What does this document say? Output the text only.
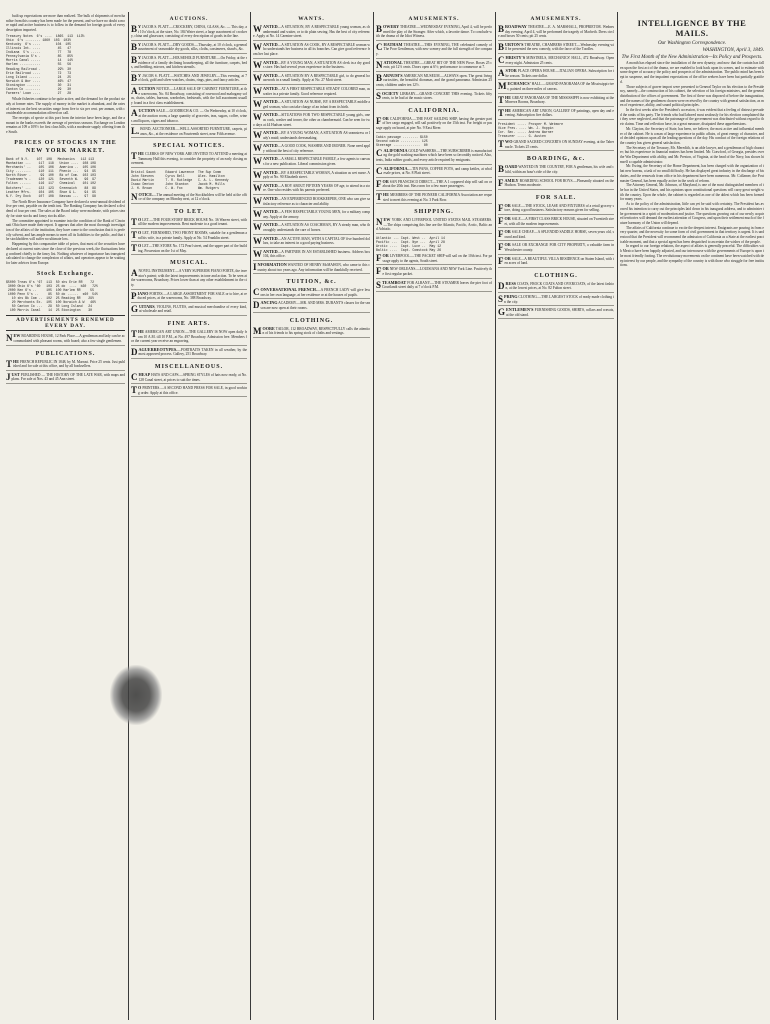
built up expectations are more than realized. The bulk of shipments of merchandise from this country has been made for the present, and we have no doubt a more rapid and active business is to follow in the demand for foreign goods of every description imported.
Treasury Notes  6's ....  1865  113  113½
Ohio  6's ........ 1860  103  103½
Kentucky  6's ....        104  105
Illinois Int. ....         45   47
Indiana  5's .....         77   78
Pennsylvania 5's .         85   85½
Morris Canal .....         14   14½
Harlem ...........         55   56
Reading Railroad .         29½  30
Erie Railroad ....         72   73
Long Island ......         24   25
Norwich & Wor ....         46½  47
Stonington .......         30   31
Canton Co ........         29   30
Farmers' Loan ....         27   28
Whale fisheries continue to be quite active, and the demand for the product steady at former rates. The supply of money in the market is abundant, and the rates of interest on the best securities range from five to six per cent. per annum, with considerable accommodation offered on call.
The receipts of specie at this port from the interior have been large, and the amount in the banks exceeds the average of previous seasons. Exchange on London remains at 109 a 109½ for first class bills, with a moderate supply offering from the South.
PRICES OF STOCKS IN THE NEW YORK MARKET.
Bank of N.Y.    107  108   Mechanics   112 113
Manhattan ...    117  118   Union ....  108 109
Merchants' ..    105  106   America ..  105 106
City ........    110  111   Phenix ...   94  95
North River .     99  100   Bk of Com.  102 103
Tradesmen's .    120  121   Seventh W.   96  97
Fulton ......    116  117   Chemical    101 102
Butchers' ...    122  123   Greenwich    88  89
Leather Mfrs.    104  105   Shoe & L.    94  95
N.Y. Dry Dock    107  108   Nassau ...   97  98
The North River Insurance Company have declared a semi-annual dividend of five per cent, payable on the tenth inst. The Banking Company has declared a dividend of four per cent. The sales at the Board today were moderate, with prices steady for state stocks and fancy stocks alike.
The committee appointed to examine into the condition of the Bank of Cincinnati Ohio have made their report. It appears that after the most thorough investigation of the affairs of the institution, they have come to the conclusion that it is perfectly solvent, and has ample means to meet all its liabilities to the public, and that the stockholders will suffer no ultimate loss.
Happening by this comparative table of prices, that most of the securities have declared at current rates since the close of the previous week, the fluctuations being confined chiefly to the fancy list. Nothing whatever of importance has transpired calculated to change the complexion of affairs, and operators appear to be waiting for later advices from Europe.
Stock Exchange.
$5000 Treas 6's '67  113  50 shs Erie RR    72
3000 Ohio 6's '60   103  25 do  ....  b30   72½
2000 Ken 6's ..     105  100 Harlem RR     55
1000 Penn 5's ..     85  50 do ......  s60  54½
10 shs Bk Com ..  102  25 Reading RR    29½
20 Merchants Ex.  105  100 Norwich & W   46½
50 Canton Co ...   29  50 Long Island   24
100 Morris Canal    14  25 Stonington    30
ADVERTISEMENTS RENEWED EVERY DAY.
NEW BOARDING HOUSE, 12 Park Place.—A gentleman and lady can be accommodated with pleasant rooms, with board; also a few single gentlemen.
PUBLICATIONS.
THE FRENCH REPUBLIC IN 1848, by M. Marrast. Price 25 cents. Just published and for sale at this office, and by all booksellers.
JUST PUBLISHED — THE HISTORY OF THE LATE WAR, with maps and plans. For sale at Nos. 43 and 45 Ann street.
AUCTIONS.
BY JACOB S. PLATT.—CROCKERY, CHINA, GLASS, &c. — This day, at 10 o'clock, at the store, No. 184 Water street, a large assortment of crockery, china and glassware, consisting of every description of goods in the line.
BY JACOB S. PLATT.—DRY GOODS.—Thursday, at 10 o'clock, a general assortment of seasonable dry goods, silks, cloths, cassimeres, shawls, &c.
BY JACOB S. PLATT.—HOUSEHOLD FURNITURE.—On Friday, at the residence of a family declining housekeeping, all the furniture, carpets, beds, and bedding, mirrors, and kitchen utensils.
BY JACOB S. PLATT.—WATCHES AND JEWELRY.—This evening, at 7 o'clock, gold and silver watches, chains, rings, pins, and fancy articles.
AUCTION NOTICE.—LARGE SALE OF CABINET FURNITURE, at the warerooms, No. 84 Broadway, consisting of rosewood and mahogany sofas, chairs, tables, bureaus, wardrobes, bedsteads, with the full assortment usually found in a first class establishment.
AUCTION SALE.—GOODRICH & CO. — On Wednesday, at 10 o'clock, at the auction room, a large quantity of groceries, teas, sugars, coffee, wines and liquors, cigars and tobacco.
L.BOND, AUCTIONEER.—WELL ASSORTED FURNITURE, carpets, pianos, &c., at the residence on Fourteenth street, near Fifth avenue.
SPECIAL NOTICES.
THE CLERKS OF NEW YORK ARE INVITED TO ATTEND a meeting at Tammany Hall this evening, to consider the propriety of an early closing movement.
Bristol Gaunt     Edward Lawrence  The Sup Comm
John Stevens      Cyrus Bell       Alex. Hamilton
David Martin      T. R. Rutledge   C. A. L. Kennedy
Isaac Denton      John Stanton     Jacob M. Mills
J. H. Brown       C. W. Fox        Wm. Rutgers
NOTICE.—The annual meeting of the Stockholders will be held at the office of the company on Monday next, at 12 o'clock.
TO LET.
TO LET.—THE FOUR STORY BRICK HOUSE No. 36 Warren street, with all the modern improvements. Rent moderate to a good tenant.
TO LET, FURNISHED, TWO FRONT ROOMS, suitable for a gentleman and his wife, in a private family. Apply at No. 54 Franklin street.
TO LET—THE STORE No. 172 Pearl street, and the upper part of the building. Possession on the 1st of May.
MUSICAL.
ANOVEL INSTRUMENT.—A VERY SUPERIOR PIANO FORTE, the inventor's patent; with the latest improvements in tone and action. To be seen at the warerooms, Broadway. Prices lower than at any other establishment in the city.
PIANO FORTES.—A LARGE ASSORTMENT FOR SALE or to hire, at reduced prices, at the warerooms, No. 388 Broadway.
GUITARS, VIOLINS, FLUTES, and musical merchandise of every kind, at wholesale and retail.
FINE ARTS.
THE AMERICAN ART UNION.—THE GALLERY IS NOW open daily from 10 A.M. till 10 P.M., at No. 497 Broadway. Admission free. Members for the current year receive an engraving.
DAGUERREOTYPES.—PORTRAITS TAKEN in all weather, by the most approved process. Gallery, 251 Broadway.
MISCELLANEOUS.
CHEAP HATS AND CAPS.—SPRING STYLES of hats now ready, at No. 128 Canal street, at prices to suit the times.
TO PRINTERS.—A SECOND HAND PRESS FOR SALE, in good working order. Apply at this office.
WANTS.
WANTED—A SITUATION, BY A RESPECTABLE young woman, as chambermaid and waiter, or to do plain sewing. Has the best of city reference. Apply at No. 14 Carmine street.
WANTED—A SITUATION AS COOK, BY A RESPECTABLE woman who understands her business in all its branches. Can give good reference from her last place.
WANTED—BY A YOUNG MAN, A SITUATION AS clerk in a dry goods store. Has had several years experience in the business.
WANTED—A SITUATION BY A RESPECTABLE girl, to do general housework in a small family. Apply at No. 27 Mott street.
WANTED—AT A FIRST RESPECTABLE STEADY COLORED man, as waiter in a private family. Good reference required.
WANTED—A SITUATION AS NURSE, BY A RESPECTABLE middle aged woman, who can take charge of an infant from its birth.
WANTED—SITUATIONS FOR TWO RESPECTABLE young girls, one as cook, washer and ironer, the other as chambermaid. Can be seen for two days at 44 Hudson street.
WANTED—BY A YOUNG WOMAN, A SITUATION AS seamstress or lady's maid; understands dressmaking.
WANTED—A GOOD COOK, WASHER AND IRONER. None need apply without the best of city reference.
WANTED—A SMALL RESPECTABLE FAMILY, a few agents to canvass for a new publication. Liberal commission given.
WANTED—BY A RESPECTABLE WOMAN, A situation as wet nurse. Apply at No. 90 Elizabeth street.
WANTED—A BOY ABOUT FIFTEEN YEARS OF age, to attend in a store. One who resides with his parents preferred.
WANTED—AN EXPERIENCED BOOKKEEPER, ONE who can give satisfactory reference as to character and ability.
WANTED—A FEW RESPECTABLE YOUNG MEN, for a military company. Apply at the armory.
WANTED—A SITUATION AS COACHMAN, BY A steady man, who thoroughly understands the care of horses.
WANTED—AN ACTIVE MAN, WITH A CAPITAL OF five hundred dollars, to take an interest in a good paying business.
WANTED—A PARTNER IN AN ESTABLISHED business. Address box 104, this office.
INFORMATION WANTED OF HENRY McMAHON, who came to this country about two years ago. Any information will be thankfully received.
TUITION, &c.
CONVERSATIONAL FRENCH.—A FRENCH LADY will give lessons in her own language, at her residence or at the houses of pupils.
DANCING ACADEMY.—MR. AND MRS. DURANT'S classes for the season are now open at their rooms.
CLOTHING.
MOORE TAILOR, 112 BROADWAY, RESPECTFULLY calls the attention of his friends to his spring stock of cloths and vestings.
AMUSEMENTS.
BOWERY THEATRE.—WEDNESDAY EVENING, April 4, will be performed the play of the Stranger. After which, a favorite dance. To conclude with the drama of the Idiot Witness.
CHATHAM THEATRE.—THIS EVENING, THE celebrated comedy of The Poor Gentleman, with new scenery and the full strength of the company.
NATIONAL THEATRE.—GREAT HIT OF THE NEW Piece. Boxes 25 cents; pit 12½ cents. Doors open at 6½; performance to commence at 7.
BARNUM'S AMERICAN MUSEUM.—ALWAYS open. The great living curiosities, the beautiful dioramas, and the grand panorama. Admission 25 cents; children under ten 12½.
SOCIETY LIBRARY.—GRAND CONCERT THIS evening. Tickets fifty cents, to be had at the music stores.
CALIFORNIA.
FOR CALIFORNIA.—THE FAST SAILING SHIP, having the greater part of her cargo engaged, will sail positively on the 15th inst. For freight or passage apply on board, at pier No. 9 East River.
Cabin passage ........ $150
Second cabin .......... 125
Steerage ..............  80
CALIFORNIA GOLD WASHERS.—THE SUBSCRIBER is manufacturing the gold washing machines which have been so favorably noticed. Also, tents, India rubber goods, and every article required by emigrants.
CALIFORNIA.—TIN PANS, COFFEE POTS, and camp kettles, at wholesale prices, at No. 8 Platt street.
FOR SAN FRANCISCO DIRECT.—THE A 1 coppered ship will sail on or about the 20th inst. Has room for a few more passengers.
THE MEMBERS OF THE PIONEER CALIFORNIA Association are requested to meet this evening at No. 3 Park Row.
SHIPPING.
NEW YORK AND LIVERPOOL UNITED STATES MAIL STEAMERS.—The ships comprising this line are the Atlantic, Pacific, Arctic, Baltic and Adriatic.
Atlantic ... Capt. West ..  April 14
Pacific ...  Capt. Nye ...  April 28
Arctic ....  Capt. Luce ..  May 12
Baltic ....  Capt. Comstock May 26
FOR LIVERPOOL.—THE PACKET SHIP will sail on the 10th inst. For passage apply to the agents, South street.
FOR NEW ORLEANS.—LOUISIANA AND NEW York Line. Positively the first regular packet.
STEAMBOAT FOR ALBANY.—THE STEAMER leaves the pier foot of Courtlandt street daily at 7 o'clock P.M.
AMUSEMENTS.
BROADWAY THEATRE.—E. A. MARSHALL, PROPRIETOR. Wednesday evening, April 4, will be performed the tragedy of Macbeth. Dress circle and boxes 50 cents; pit 25 cents.
BURTON'S THEATRE, CHAMBERS STREET.—Wednesday evening will be presented the new comedy, with the farce of the Toodles.
CHRISTY'S MINSTRELS, MECHANICS' HALL, 472 Broadway. Open every night. Admission 25 cents.
ASTOR PLACE OPERA HOUSE.—ITALIAN OPERA. Subscription for the season. Tickets one dollar.
MECHANICS' HALL.—GRAND PANORAMA OF the Mississippi river, painted on three miles of canvas.
THE GREAT PANORAMA OF THE MISSISSIPPI is now exhibiting at the Minerva Rooms, Broadway.
THE AMERICAN ART UNION, GALLERY OF paintings, open day and evening. Subscription five dollars.
President ..... Prosper M. Wetmore
Vice Pres. .... Wm. J. Hoppin
Cor. Sec. ..... Andrew Warner
Treasurer ..... G. Austen
TWO GRAND SACRED CONCERTS ON SUNDAY evening, at the Tabernacle. Tickets 25 cents.
BOARDING, &c.
BOARD WANTED IN THE COUNTRY, FOR A gentleman, his wife and child, within an hour's ride of the city.
FAMILY BOARDING SCHOOL FOR BOYS.—Pleasantly situated on the Hudson. Terms moderate.
FOR SALE.
FOR SALE.—THE STOCK, LEASE AND FIXTURES of a retail grocery store, doing a good business. Satisfactory reasons given for selling.
FOR SALE.—A FIRST CLASS BRICK HOUSE, situated on Twentieth street, with all the modern improvements.
FOR SALE CHEAP.—A SPLENDID SADDLE HORSE, seven years old, sound and kind.
FOR SALE OR EXCHANGE FOR CITY PROPERTY, a valuable farm in Westchester county.
FOR SALE—A BEAUTIFUL VILLA RESIDENCE on Staten Island, with ten acres of land.
CLOTHING.
DRESS COATS, FROCK COATS AND OVERCOATS, of the latest fashion, at the lowest prices, at No. 82 Fulton street.
SPRING CLOTHING.—THE LARGEST STOCK of ready made clothing in the city.
GENTLEMEN'S FURNISHING GOODS, SHIRTS, collars and cravats, at the old stand.
INTELLIGENCE BY THE MAILS.
Our Washington Correspondence.
WASHINGTON, April 3, 1849.
The First Month of the New Administration—Its Policy and Prospects.
A month has elapsed since the installation of the new dynasty; and now that the curtain has fallen upon the first act of the drama, we are enabled to look back upon its scenes, and to estimate with some degree of accuracy the policy and prospects of the administration. The public mind has been kept in suspense, and the impatient expectations of the office seekers have been but partially gratified.
Those subjects of graver import were presented to General Taylor on his election to the Presidency, namely—the construction of his cabinet, the selection of his foreign ministers, and the general distribution of the offices of government. The first of these was disposed of before the inauguration, and the names of the gentlemen chosen were received by the country with general satisfaction, as men of experience, ability, and sound political principles.
In the first weeks after the President's accession, it was evident that a feeling of distrust pervaded the ranks of his party. The friends who had labored most zealously for his election complained that they were neglected, and that the patronage of the government was distributed without regard to their claims. Time and reflection have, in a great measure, dissipated these apprehensions.
Mr. Clayton, the Secretary of State, has been, we believe, the most active and influential member of the cabinet. He is a man of large experience in public affairs, of great energy of character, and of decided opinions upon all the leading questions of the day. His conduct of the foreign relations of the country has given general satisfaction.
The Secretary of the Treasury, Mr. Meredith, is an able lawyer, and a gentleman of high character; but his experience in financial matters has been limited. Mr. Crawford, of Georgia, presides over the War Department with ability, and Mr. Preston, of Virginia, at the head of the Navy, has shown himself a capable administrator.
Mr. Ewing, the Secretary of the Home Department, has been charged with the organization of that new bureau, a task of no small difficulty. He has displayed great industry in the discharge of his duties, and the removals from office in his department have been numerous. Mr. Collamer, the Postmaster General, has been equally active in the work of reform.
The Attorney General, Mr. Johnson, of Maryland, is one of the most distinguished members of the bar in the United States, and his opinions upon constitutional questions will carry great weight with the country. Upon the whole, the cabinet is regarded as one of the ablest which has been formed for many years.
As to the policy of the administration, little can yet be said with certainty. The President has avowed his intention to carry out the principles laid down in his inaugural address, and to administer the government in a spirit of moderation and justice. The questions growing out of our newly acquired territories will demand the earliest attention of Congress, and upon their settlement much of the future harmony of the Union will depend.
The affairs of California continue to excite the deepest interest. Emigrants are pouring in from every quarter, and the necessity for some form of civil government in that territory is urgent. It is understood that the President will recommend the admission of California as a State at the earliest practicable moment, and that a special agent has been despatched to ascertain the wishes of the people.
In regard to our foreign relations, the aspect of affairs is generally peaceful. The difficulties with Mexico have been happily adjusted, and our intercourse with the governments of Europe is upon the most friendly footing. The revolutionary movements on the continent have been watched with deep interest by our people, and the sympathy of the country is with those who struggle for free institutions.
